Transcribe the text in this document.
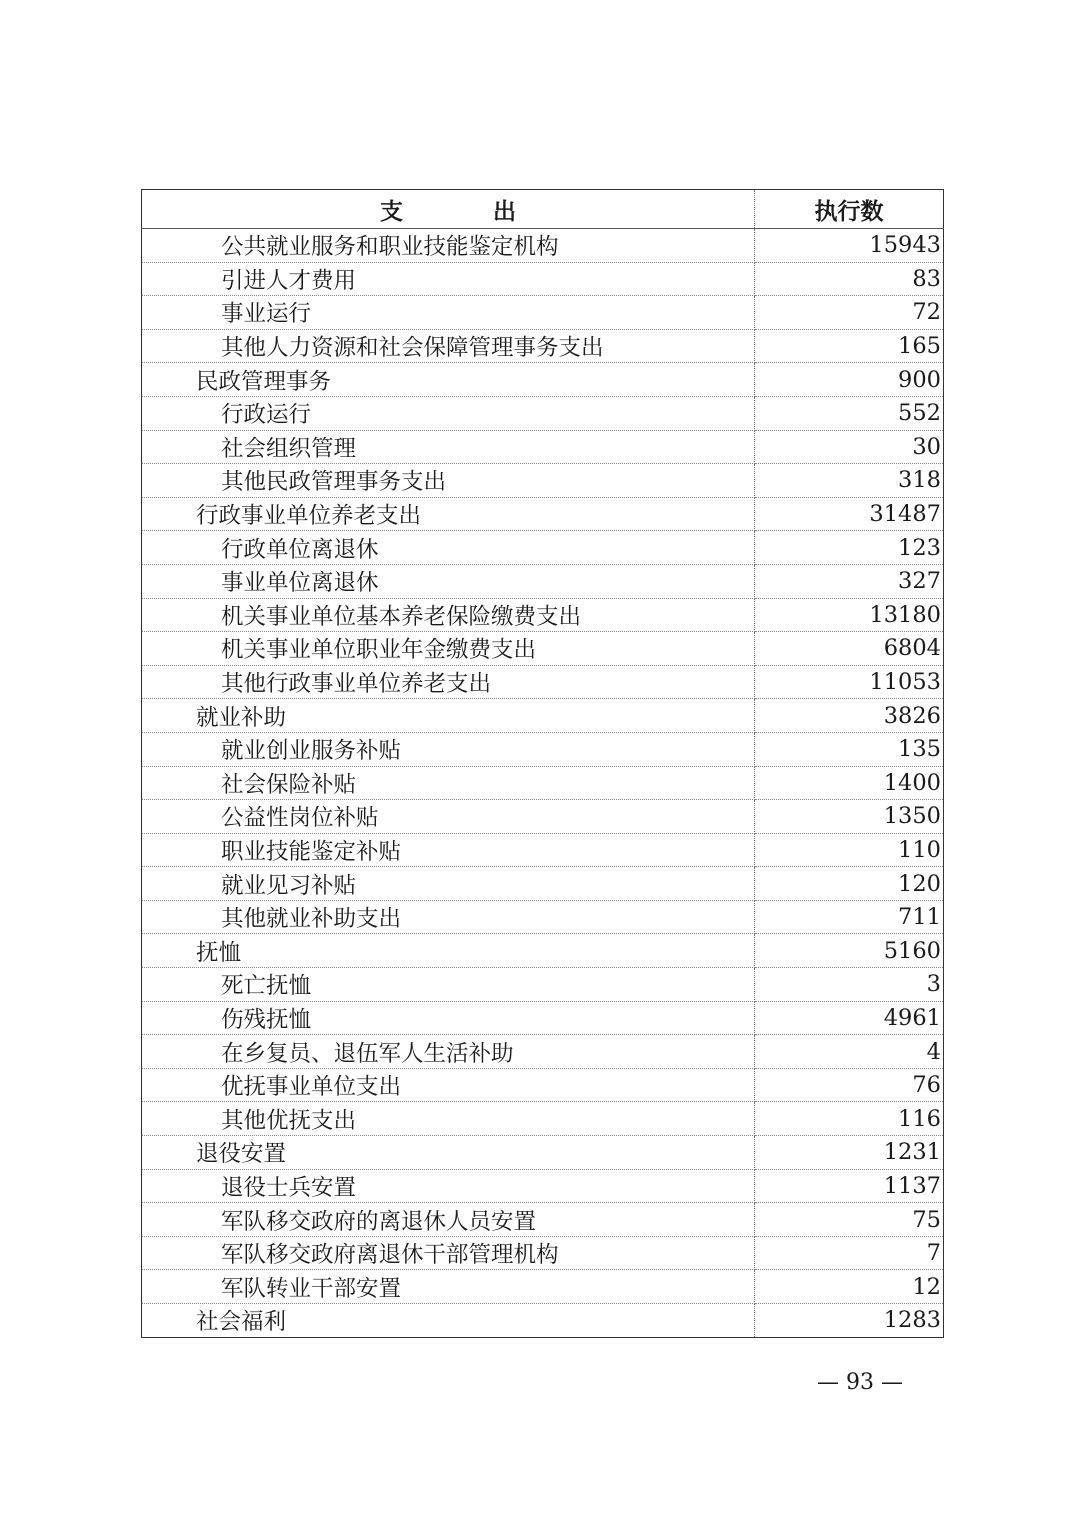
支出	执行数
公共就业服务和职业技能鉴定机构	15943
引进人才费用	83
事业运行	72
其他人力资源和社会保障管理事务支出	165
民政管理事务	900
行政运行	552
社会组织管理	30
其他民政管理事务支出	318
行政事业单位养老支出	31487
行政单位离退休	123
事业单位离退休	327
机关事业单位基本养老保险缴费支出	13180
机关事业单位职业年金缴费支出	6804
其他行政事业单位养老支出	11053
就业补助	3826
就业创业服务补贴	135
社会保险补贴	1400
公益性岗位补贴	1350
职业技能鉴定补贴	110
就业见习补贴	120
其他就业补助支出	711
抚恤	5160
死亡抚恤	3
伤残抚恤	4961
在乡复员、退伍军人生活补助	4
优抚事业单位支出	76
其他优抚支出	116
退役安置	1231
退役士兵安置	1137
军队移交政府的离退休人员安置	75
军队移交政府离退休干部管理机构	7
军队转业干部安置	12
社会福利	1283
— 93 —
